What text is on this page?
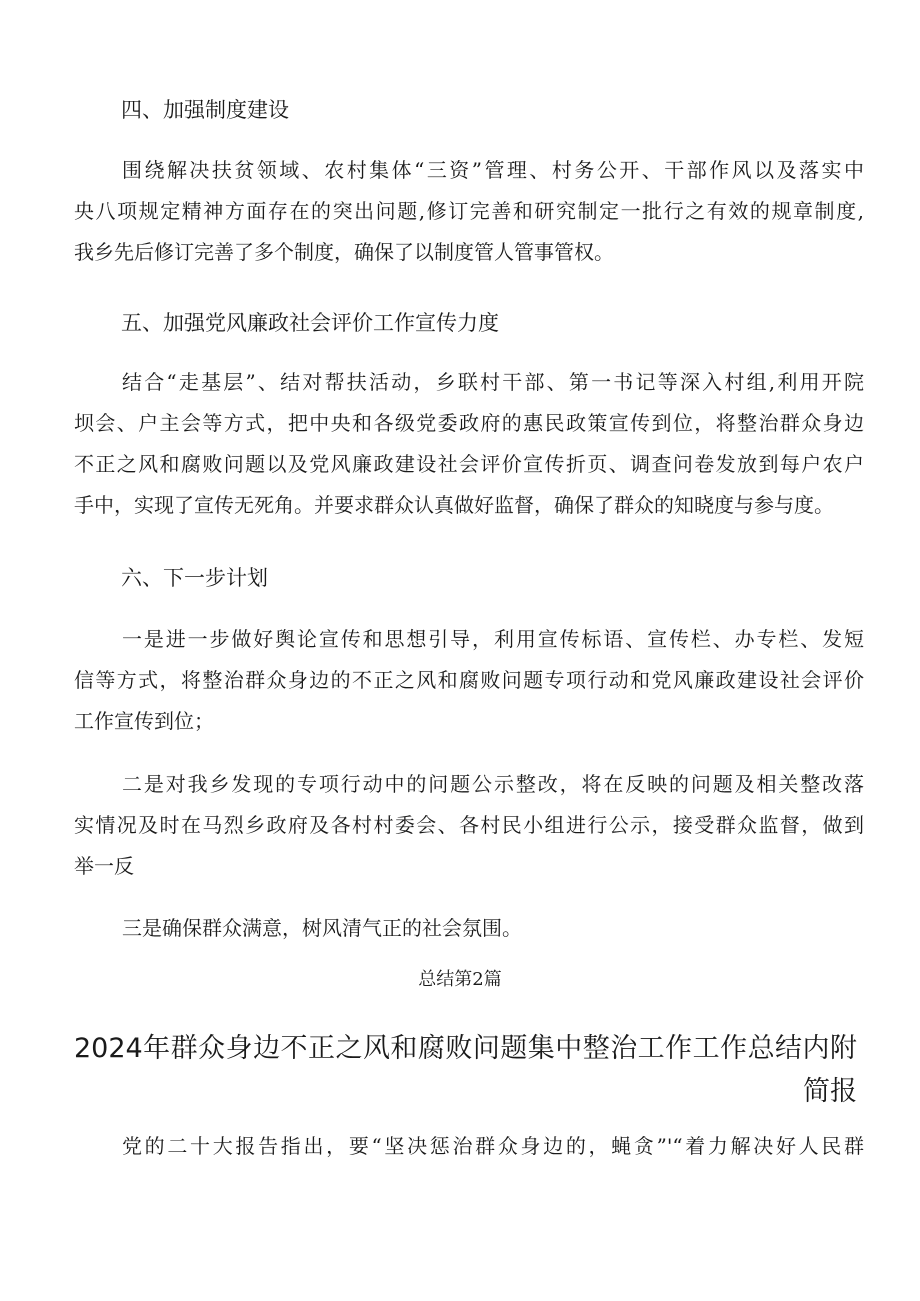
四、加强制度建设
围绕解决扶贫领域、农村集体“三资”管理、村务公开、干部作风以及落实中
央八项规定精神方面存在的突出问题,修订完善和研究制定一批行之有效的规章制度,
我乡先后修订完善了多个制度，确保了以制度管人管事管权。
五、加强党风廉政社会评价工作宣传力度
结合“走基层”、结对帮扶活动，乡联村干部、第一书记等深入村组,利用开院
坝会、户主会等方式，把中央和各级党委政府的惠民政策宣传到位，将整治群众身边
不正之风和腐败问题以及党风廉政建设社会评价宣传折页、调查问卷发放到每户农户
手中，实现了宣传无死角。并要求群众认真做好监督，确保了群众的知晓度与参与度。
六、下一步计划
一是进一步做好舆论宣传和思想引导，利用宣传标语、宣传栏、办专栏、发短
信等方式，将整治群众身边的不正之风和腐败问题专项行动和党风廉政建设社会评价
工作宣传到位；
二是对我乡发现的专项行动中的问题公示整改，将在反映的问题及相关整改落
实情况及时在马烈乡政府及各村村委会、各村民小组进行公示，接受群众监督，做到
举一反
三是确保群众满意，树风清气正的社会氛围。
总结第2篇
2024年群众身边不正之风和腐败问题集中整治工作工作总结内附
简报
党的二十大报告指出，要“坚决惩治群众身边的，蝇贪”'“着力解决好人民群
